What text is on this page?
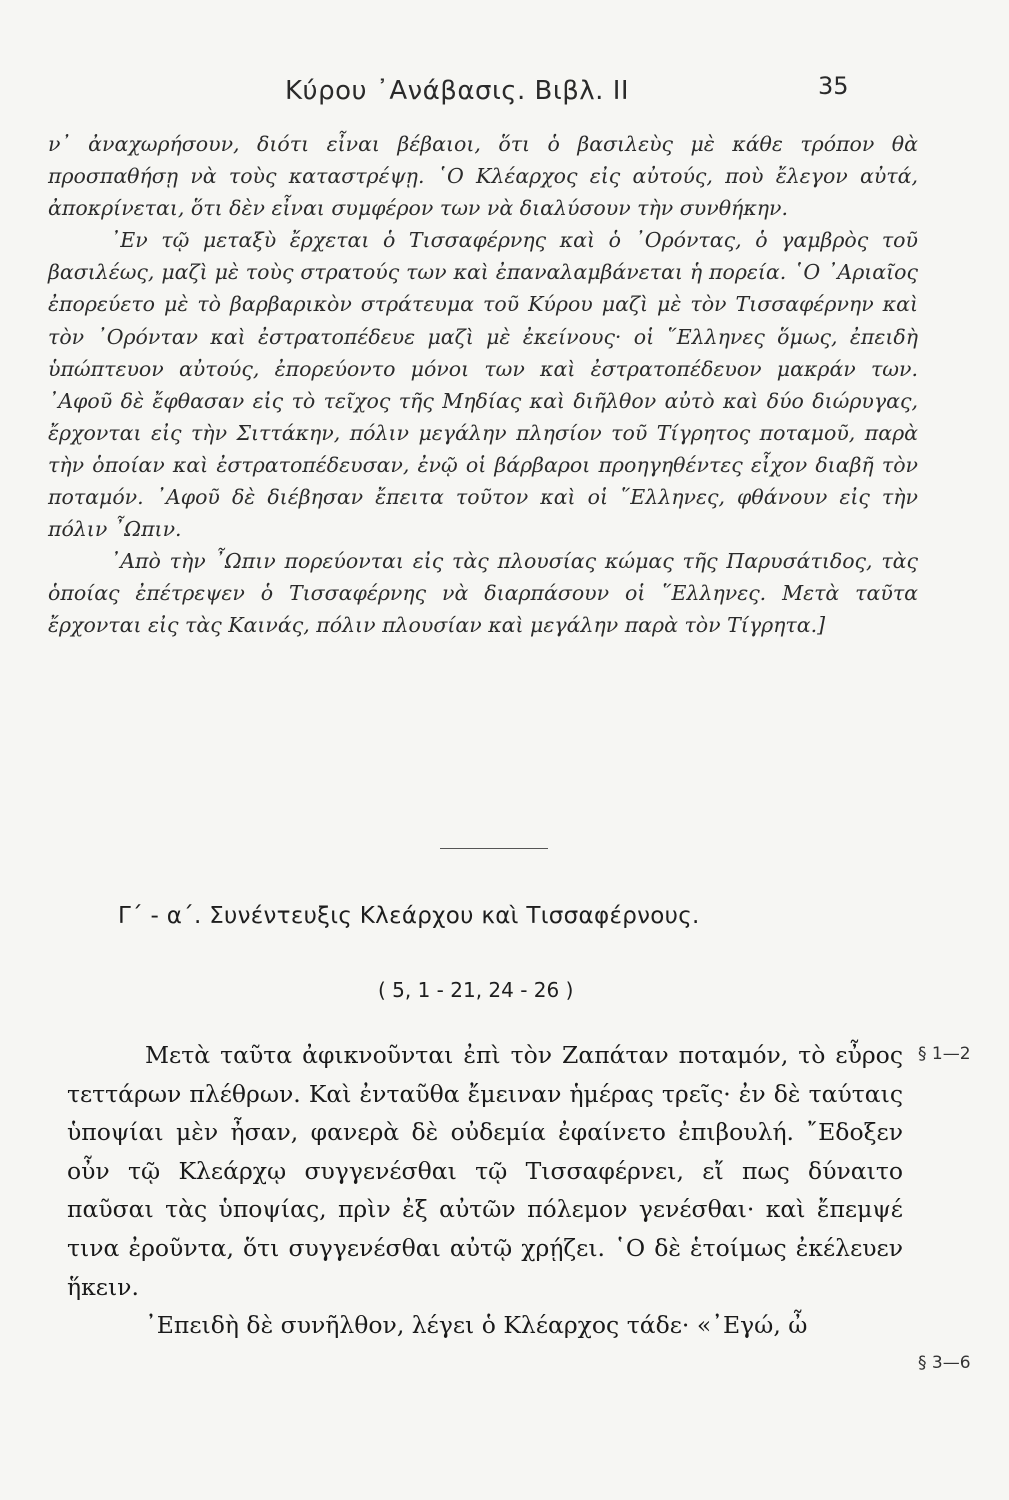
Κύρου ᾿Ανάβασις. Βιβλ. ΙΙ	35

ν᾿ ἀναχωρήσουν, διότι εἶναι βέβαιοι, ὅτι ὁ βασιλεὺς μὲ κάθε τρόπον θὰ προσπαθήσῃ νὰ τοὺς καταστρέψῃ. ῾Ο Κλέαρχος εἰς αὐτούς, ποὺ ἔλεγον αὐτά, ἀποκρίνεται, ὅτι δὲν εἶναι συμφέρον των νὰ διαλύσουν τὴν συνθήκην.

᾿Εν τῷ μεταξὺ ἔρχεται ὁ Τισσαφέρνης καὶ ὁ ᾿Ορόντας, ὁ γαμβρὸς τοῦ βασιλέως, μαζὶ μὲ τοὺς στρατούς των καὶ ἐπαναλαμβάνεται ἡ πορεία. ῾Ο ᾿Αριαῖος ἐπορεύετο μὲ τὸ βαρβαρικὸν στράτευμα τοῦ Κύρου μαζὶ μὲ τὸν Τισσαφέρνην καὶ τὸν ᾿Ορόνταν καὶ ἐστρατοπέδευε μαζὶ μὲ ἐκείνους· οἱ ῞Ελληνες ὅμως, ἐπειδὴ ὑπώπτευον αὐτούς, ἐπορεύοντο μόνοι των καὶ ἐστρατοπέδευον μακράν των. ᾿Αφοῦ δὲ ἔφθασαν εἰς τὸ τεῖχος τῆς Μηδίας καὶ διῆλθον αὐτὸ καὶ δύο διώρυγας, ἔρχονται εἰς τὴν Σιττάκην, πόλιν μεγάλην πλησίον τοῦ Τίγρητος ποταμοῦ, παρὰ τὴν ὁποίαν καὶ ἐστρατοπέδευσαν, ἐνῷ οἱ βάρβαροι προηγηθέντες εἶχον διαβῆ τὸν ποταμόν. ᾿Αφοῦ δὲ διέβησαν ἔπειτα τοῦτον καὶ οἱ ῞Ελληνες, φθάνουν εἰς τὴν πόλιν ῏Ωπιν.

᾿Απὸ τὴν ῏Ωπιν πορεύονται εἰς τὰς πλουσίας κώμας τῆς Παρυσάτιδος, τὰς ὁποίας ἐπέτρεψεν ὁ Τισσαφέρνης νὰ διαρπάσουν οἱ ῞Ελληνες. Μετὰ ταῦτα ἔρχονται εἰς τὰς Καινάς, πόλιν πλουσίαν καὶ μεγάλην παρὰ τὸν Τίγρητα.]

Γ΄ - α΄. Συνέντευξις Κλεάρχου καὶ Τισσαφέρνους.
( 5, 1 - 21, 24 - 26 )

Μετὰ ταῦτα ἀφικνοῦνται ἐπὶ τὸν Ζαπάταν ποταμόν, τὸ εὖρος τεττάρων πλέθρων. Καὶ ἐνταῦθα ἔμειναν ἡμέρας τρεῖς· ἐν δὲ ταύταις ὑποψίαι μὲν ἦσαν, φανερὰ δὲ οὐδεμία ἐφαίνετο ἐπιβουλή. ῎Εδοξεν οὖν τῷ Κλεάρχῳ συγγενέσθαι τῷ Τισσαφέρνει, εἴ πως δύναιτο παῦσαι τὰς ὑποψίας, πρὶν ἐξ αὐτῶν πόλεμον γενέσθαι· καὶ ἔπεμψέ τινα ἐροῦντα, ὅτι συγγενέσθαι αὐτῷ χρῄζει. ῾Ο δὲ ἑτοίμως ἐκέλευεν ἥκειν.

᾿Επειδὴ δὲ συνῆλθον, λέγει ὁ Κλέαρχος τάδε· «᾿Εγώ, ὦ

§ 1—2
§ 3—6
